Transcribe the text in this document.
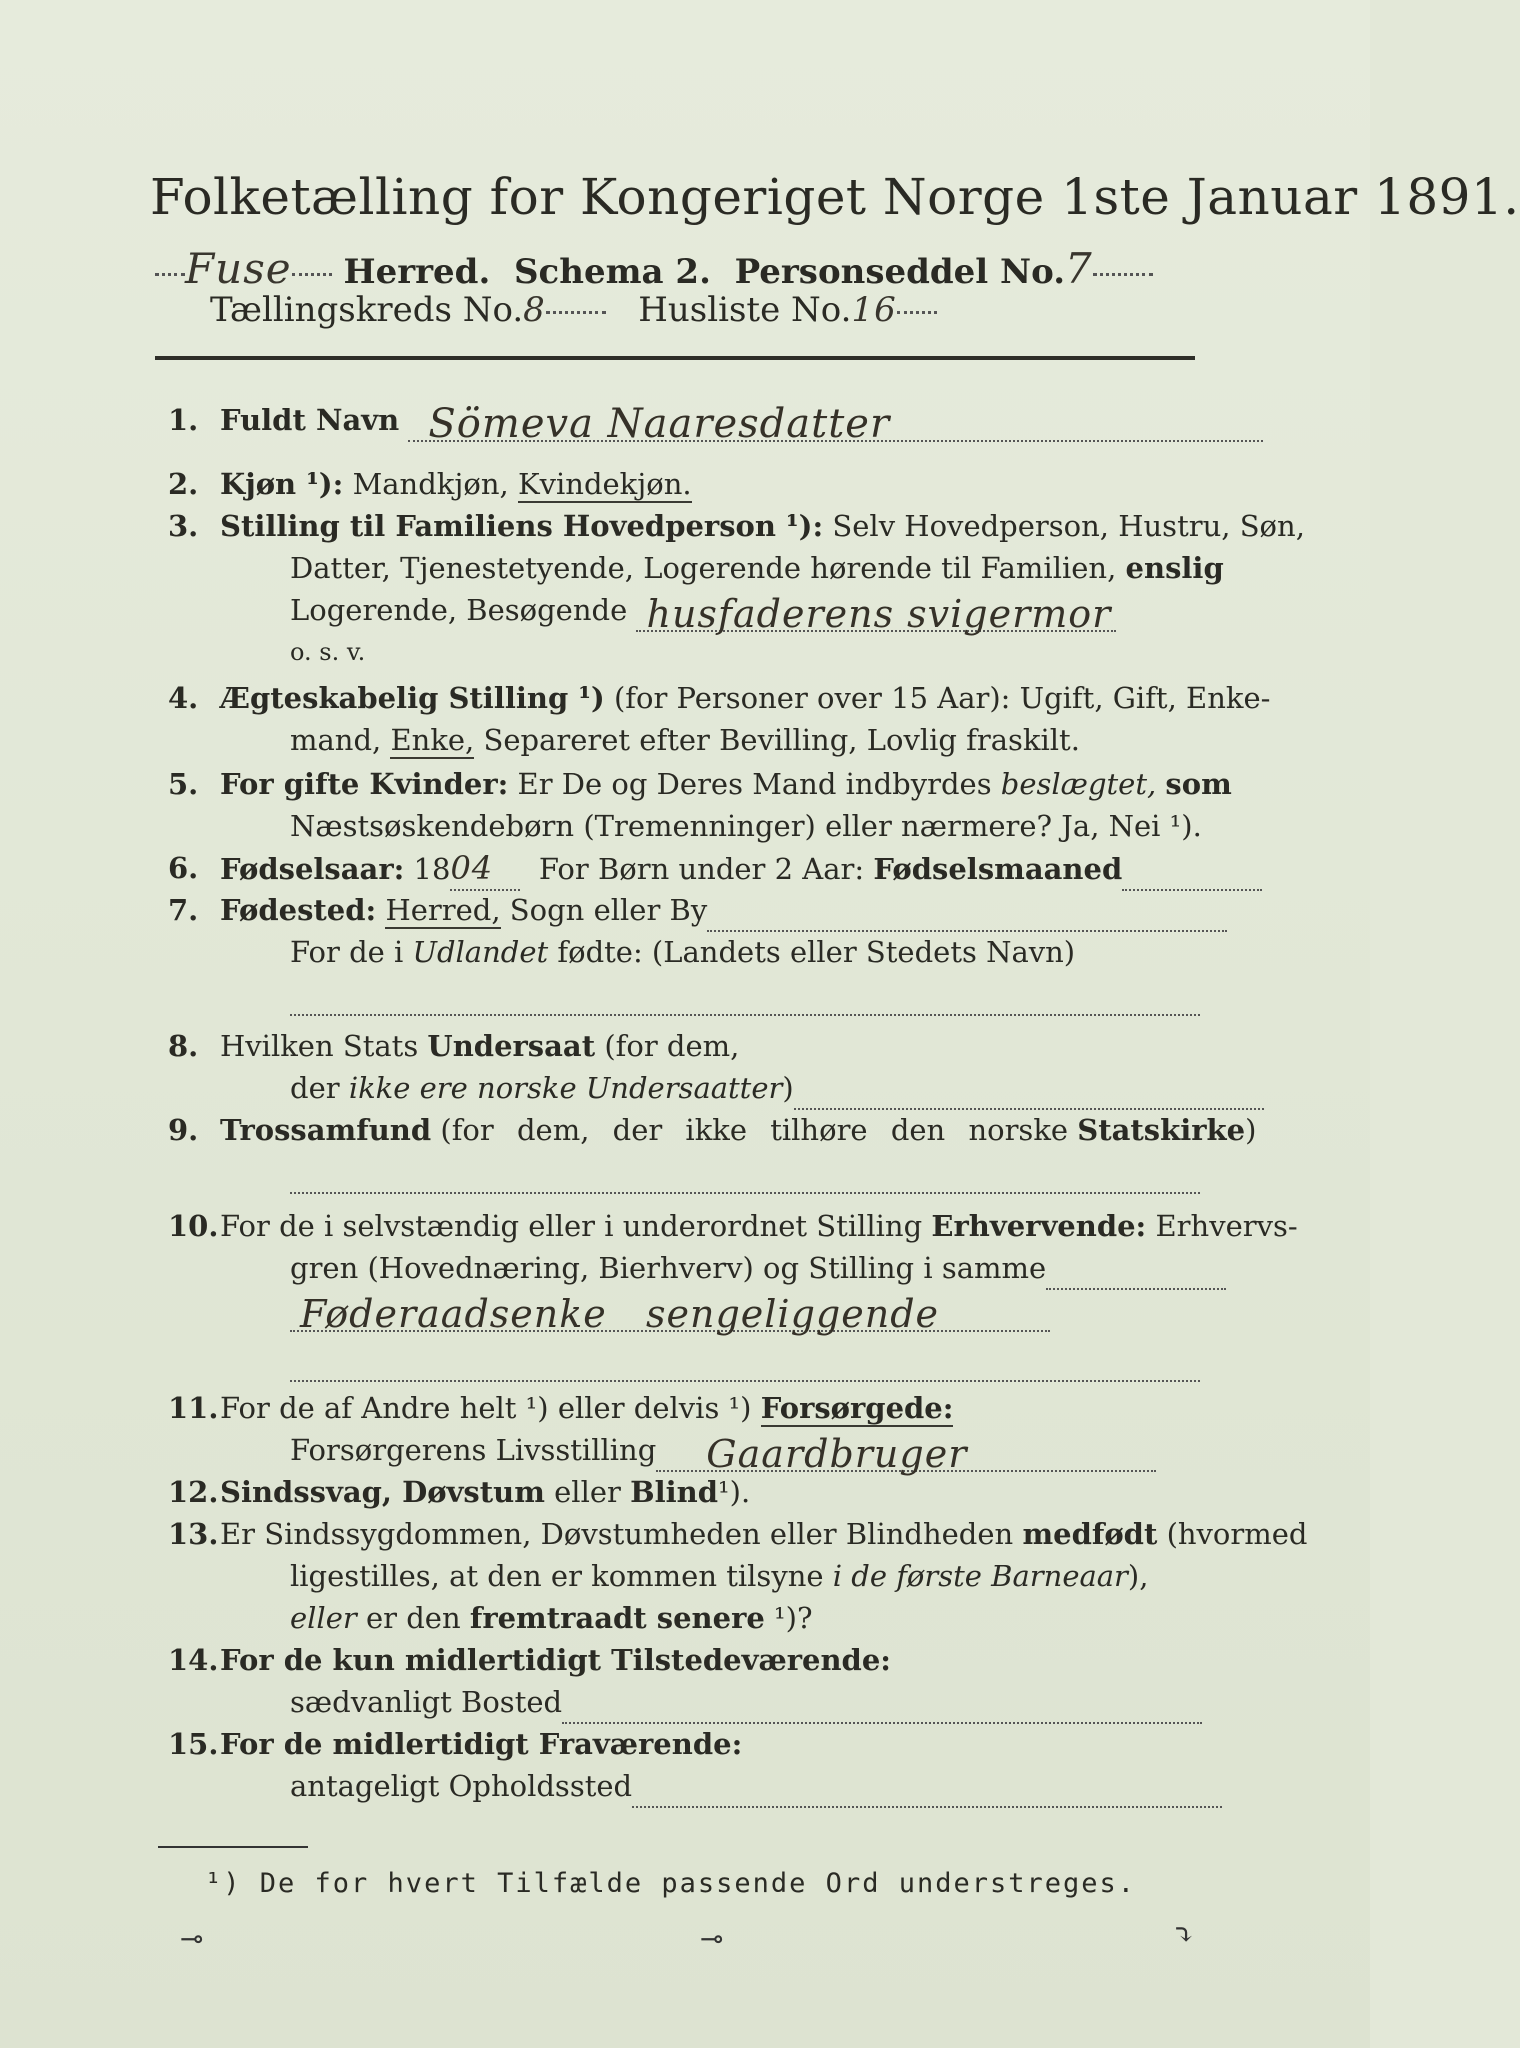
Folketælling for Kongeriget Norge 1ste Januar 1891.
Fuse Herred. Schema 2. Personseddel No.7
Tællingskreds No.8	Husliste No.16
1. Fuldt Navn Sömeva Naaresdatter

2. Kjøn ¹): Mandkjøn, Kvindekjøn.
3. Stilling til Familiens Hovedperson ¹): Selv Hovedperson, Hustru, Søn,
Datter, Tjenestetyende, Logerende hørende til Familien, enslig
Logerende, Besøgende husfaderens svigermor

o. s. v.
4. Ægteskabelig Stilling ¹) (for Personer over 15 Aar): Ugift, Gift, Enke-
mand, Enke, Separeret efter Bevilling, Lovlig fraskilt.
5. For gifte Kvinder: Er De og Deres Mand indbyrdes beslægtet, som
Næstsøskendebørn (Tremenninger) eller nærmere? Ja, Nei ¹).
6. Fødselsaar: 1804 For Børn under 2 Aar: Fødselsmaaned
7. Fødested: Herred, Sogn eller By
For de i Udlandet fødte: (Landets eller Stedets Navn)

8. Hvilken Stats Undersaat (for dem,
der ikke ere norske Undersaatter)
9. Trossamfund (for dem, der ikke tilhøre den norske Statskirke)

10. For de i selvstændig eller i underordnet Stilling Erhvervende: Erhvervs-
gren (Hovednæring, Bierhverv) og Stilling i samme
Føderaadsenke   sengeliggende

11. For de af Andre helt ¹) eller delvis ¹) Forsørgede:
Forsørgerens Livsstilling Gaardbruger

12. Sindssvag, Døvstum eller Blind¹).
13. Er Sindssygdommen, Døvstumheden eller Blindheden medfødt (hvormed
ligestilles, at den er kommen tilsyne i de første Barneaar),
eller er den fremtraadt senere ¹)?
14. For de kun midlertidigt Tilstedeværende:
sædvanligt Bosted
15. For de midlertidigt Fraværende:
antageligt Opholdssted
¹) De for hvert Tilfælde passende Ord understreges.
⊸	⊸	⤵
